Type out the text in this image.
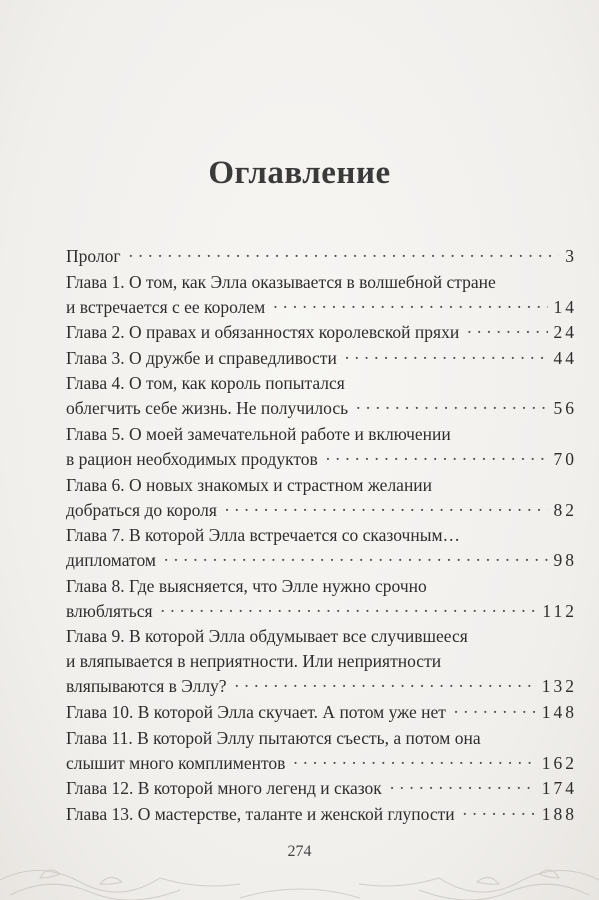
Оглавление
Пролог . . .	3
Глава 1. О том, как Элла оказывается в волшебной стране
и встречается с ее королем . . .	14
Глава 2. О правах и обязанностях королевской пряхи . . .	24
Глава 3. О дружбе и справедливости . . .	44
Глава 4. О том, как король попытался
облегчить себе жизнь. Не получилось . . .	56
Глава 5. О моей замечательной работе и включении
в рацион необходимых продуктов . . .	70
Глава 6. О новых знакомых и страстном желании
добраться до короля . . .	82
Глава 7. В которой Элла встречается со сказочным…
дипломатом . . .	98
Глава 8. Где выясняется, что Элле нужно срочно
влюбляться . . .	112
Глава 9. В которой Элла обдумывает все случившееся
и вляпывается в неприятности. Или неприятности
вляпываются в Эллу? . . .	132
Глава 10. В которой Элла скучает. А потом уже нет . . .	148
Глава 11. В которой Эллу пытаются съесть, а потом она
слышит много комплиментов . . .	162
Глава 12. В которой много легенд и сказок . . .	174
Глава 13. О мастерстве, таланте и женской глупости . . .	188
274
